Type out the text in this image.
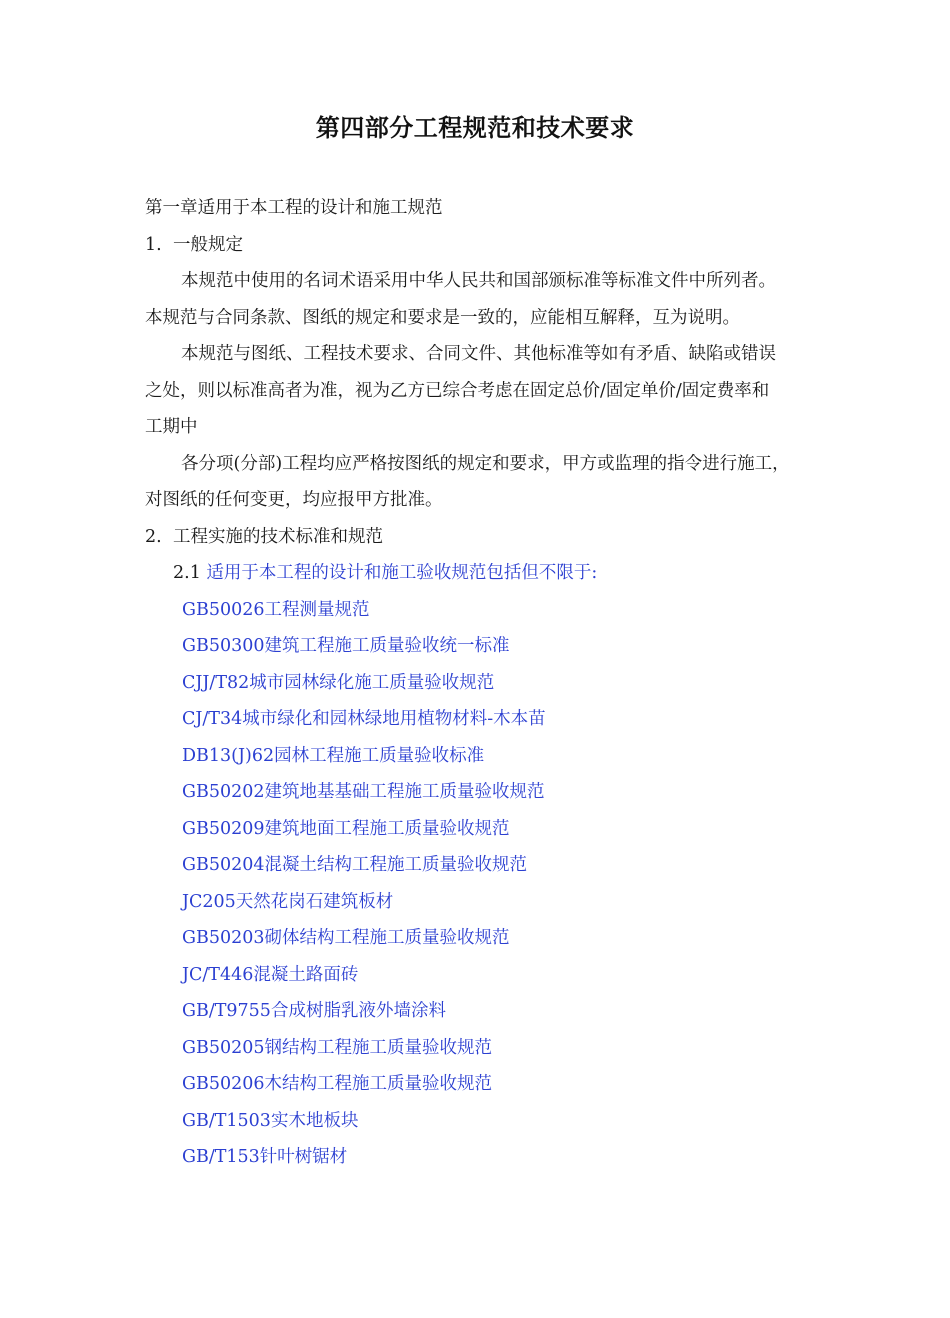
第四部分工程规范和技术要求
第一章适用于本工程的设计和施工规范
1. 一般规定
本规范中使用的名词术语采用中华人民共和国部颁标准等标准文件中所列者。
本规范与合同条款、图纸的规定和要求是一致的，应能相互解释，互为说明。
本规范与图纸、工程技术要求、合同文件、其他标准等如有矛盾、缺陷或错误
之处，则以标准高者为准，视为乙方已综合考虑在固定总价/固定单价/固定费率和
工期中
各分项(分部)工程均应严格按图纸的规定和要求，甲方或监理的指令进行施工，
对图纸的任何变更，均应报甲方批准。
2. 工程实施的技术标准和规范
2.1 适用于本工程的设计和施工验收规范包括但不限于:
GB50026工程测量规范
GB50300建筑工程施工质量验收统一标准
CJJ/T82城市园林绿化施工质量验收规范
CJ/T34城市绿化和园林绿地用植物材料-木本苗
DB13(J)62园林工程施工质量验收标准
GB50202建筑地基基础工程施工质量验收规范
GB50209建筑地面工程施工质量验收规范
GB50204混凝土结构工程施工质量验收规范
JC205天然花岗石建筑板材
GB50203砌体结构工程施工质量验收规范
JC/T446混凝土路面砖
GB/T9755合成树脂乳液外墙涂料
GB50205钢结构工程施工质量验收规范
GB50206木结构工程施工质量验收规范
GB/T1503实木地板块
GB/T153针叶树锯材
